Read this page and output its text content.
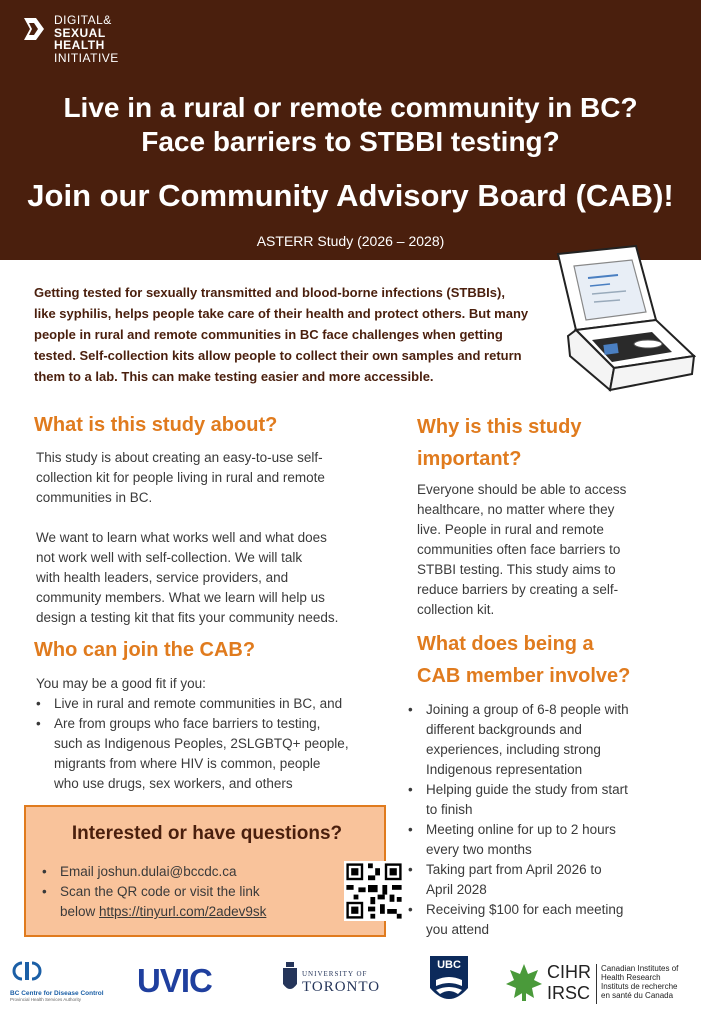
DIGITAL&
SEXUAL
HEALTH
INITIATIVE
Live in a rural or remote community in BC?
Face barriers to STBBI testing?
Join our Community Advisory Board (CAB)!
ASTERR Study (2026 – 2028)
Getting tested for sexually transmitted and blood-borne infections (STBBIs),
like syphilis, helps people take care of their health and protect others. But many
people in rural and remote communities in BC face challenges when getting
tested. Self-collection kits allow people to collect their own samples and return
them to a lab. This can make testing easier and more accessible.
What is this study about?

This study is about creating an easy-to-use self-
collection kit for people living in rural and remote
communities in BC.

We want to learn what works well and what does
not work well with self-collection. We will talk
with health leaders, service providers, and
community members. What we learn will help us
design a testing kit that fits your community needs.

Why is this study
important?
Everyone should be able to access
healthcare, no matter where they
live. People in rural and remote
communities often face barriers to
STBBI testing. This study aims to
reduce barriers by creating a self-
collection kit.
Who can join the CAB?
You may be a good fit if you:
• Live in rural and remote communities in BC, and
• Are from groups who face barriers to testing,
such as Indigenous Peoples, 2SLGBTQ+ people,
migrants from where HIV is common, people
who use drugs, sex workers, and others
What does being a
CAB member involve?
• Joining a group of 6-8 people with
different backgrounds and
experiences, including strong
Indigenous representation
• Helping guide the study from start
to finish
• Meeting online for up to 2 hours
every two months
• Taking part from April 2026 to
April 2028
• Receiving $100 for each meeting
you attend
Interested or have questions?
• Email joshun.dulai@bccdc.ca
• Scan the QR code or visit the link
below https://tinyurl.com/2adev9sk
BC Centre for Disease Control
Provincial Health Services Authority
UVIC	UNIVERSITY OF
TORONTO
UBC	CIHR
IRSC
Canadian Institutes of
Health Research
Instituts de recherche
en santé du Canada
